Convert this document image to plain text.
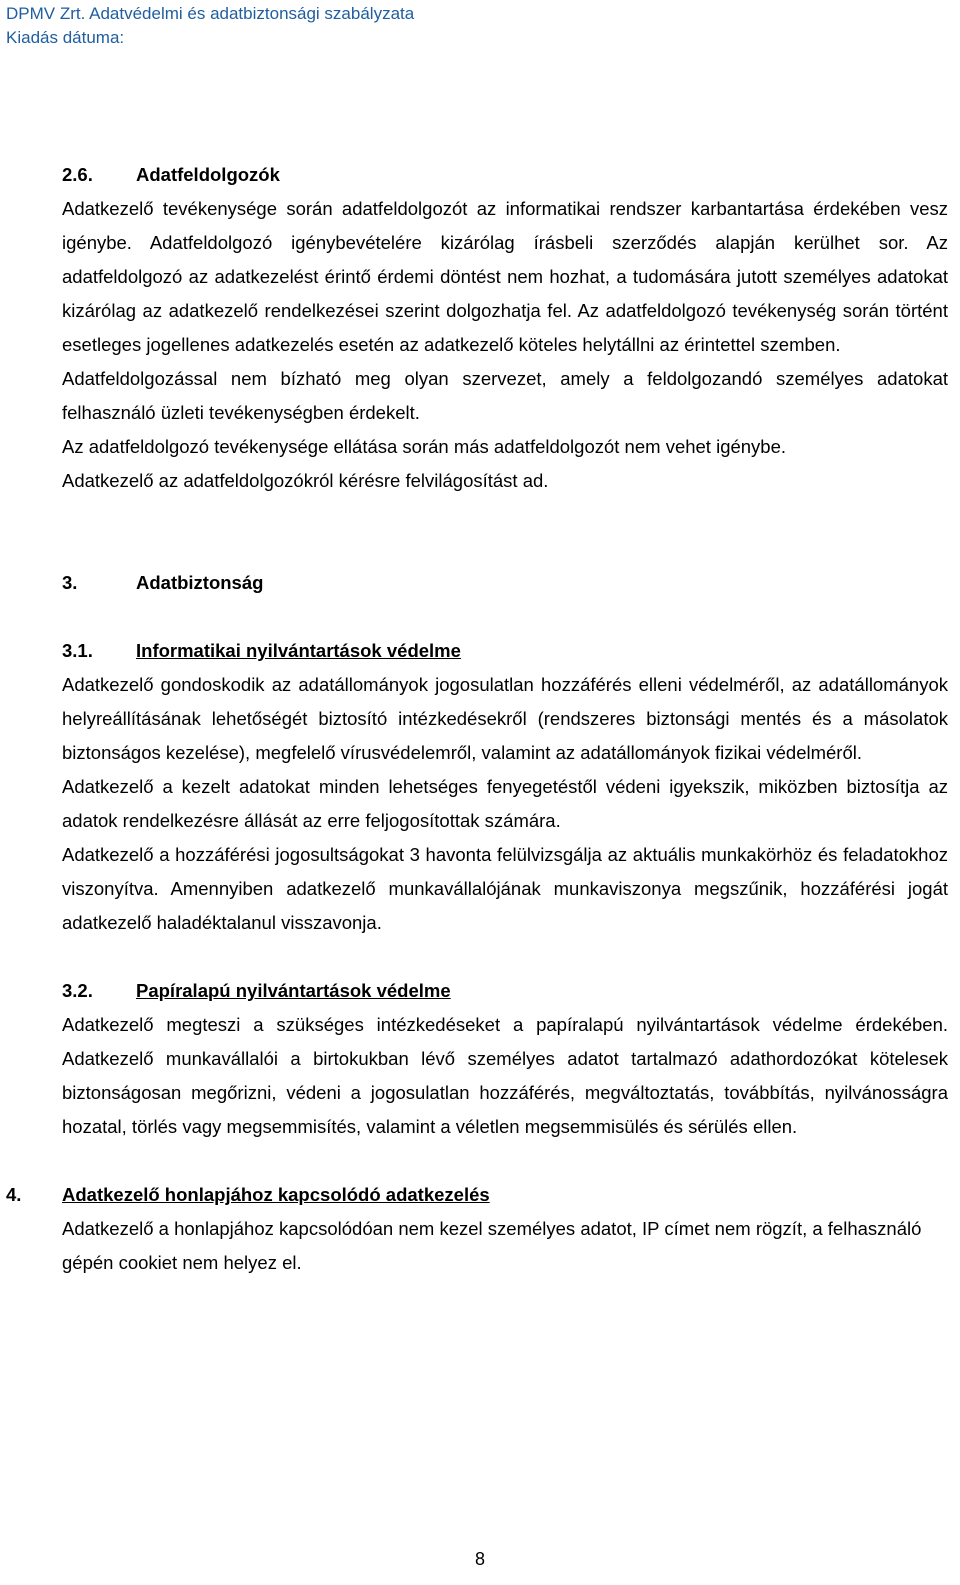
DPMV Zrt. Adatvédelmi és adatbiztonsági szabályzata
Kiadás dátuma:
2.6.	Adatfeldolgozók
Adatkezelő tevékenysége során adatfeldolgozót az informatikai rendszer karbantartása érdekében vesz igénybe. Adatfeldolgozó igénybevételére kizárólag írásbeli szerződés alapján kerülhet sor. Az adatfeldolgozó az adatkezelést érintő érdemi döntést nem hozhat, a tudomására jutott személyes adatokat kizárólag az adatkezelő rendelkezései szerint dolgozhatja fel. Az adatfeldolgozó tevékenység során történt esetleges jogellenes adatkezelés esetén az adatkezelő köteles helytállni az érintettel szemben.
Adatfeldolgozással nem bízható meg olyan szervezet, amely a feldolgozandó személyes adatokat felhasználó üzleti tevékenységben érdekelt.
Az adatfeldolgozó tevékenysége ellátása során más adatfeldolgozót nem vehet igénybe.
Adatkezelő az adatfeldolgozókról kérésre felvilágosítást ad.
3.	Adatbiztonság
3.1.	Informatikai nyilvántartások védelme
Adatkezelő gondoskodik az adatállományok jogosulatlan hozzáférés elleni védelméről, az adatállományok helyreállításának lehetőségét biztosító intézkedésekről (rendszeres biztonsági mentés és a másolatok biztonságos kezelése), megfelelő vírusvédelemről, valamint az adatállományok fizikai védelméről.
Adatkezelő a kezelt adatokat minden lehetséges fenyegetéstől védeni igyekszik, miközben biztosítja az adatok rendelkezésre állását az erre feljogosítottak számára.
Adatkezelő a hozzáférési jogosultságokat 3 havonta felülvizsgálja az aktuális munkakörhöz és feladatokhoz viszonyítva. Amennyiben adatkezelő munkavállalójának munkaviszonya megszűnik, hozzáférési jogát adatkezelő haladéktalanul visszavonja.
3.2.	Papíralapú nyilvántartások védelme
Adatkezelő megteszi a szükséges intézkedéseket a papíralapú nyilvántartások védelme érdekében. Adatkezelő munkavállalói a birtokukban lévő személyes adatot tartalmazó adathordozókat kötelesek biztonságosan megőrizni, védeni a jogosulatlan hozzáférés, megváltoztatás, továbbítás, nyilvánosságra hozatal, törlés vagy megsemmisítés, valamint a véletlen megsemmisülés és sérülés ellen.
4.	Adatkezelő honlapjához kapcsolódó adatkezelés
Adatkezelő a honlapjához kapcsolódóan nem kezel személyes adatot, IP címet nem rögzít, a felhasználó gépén cookiet nem helyez el.
8
